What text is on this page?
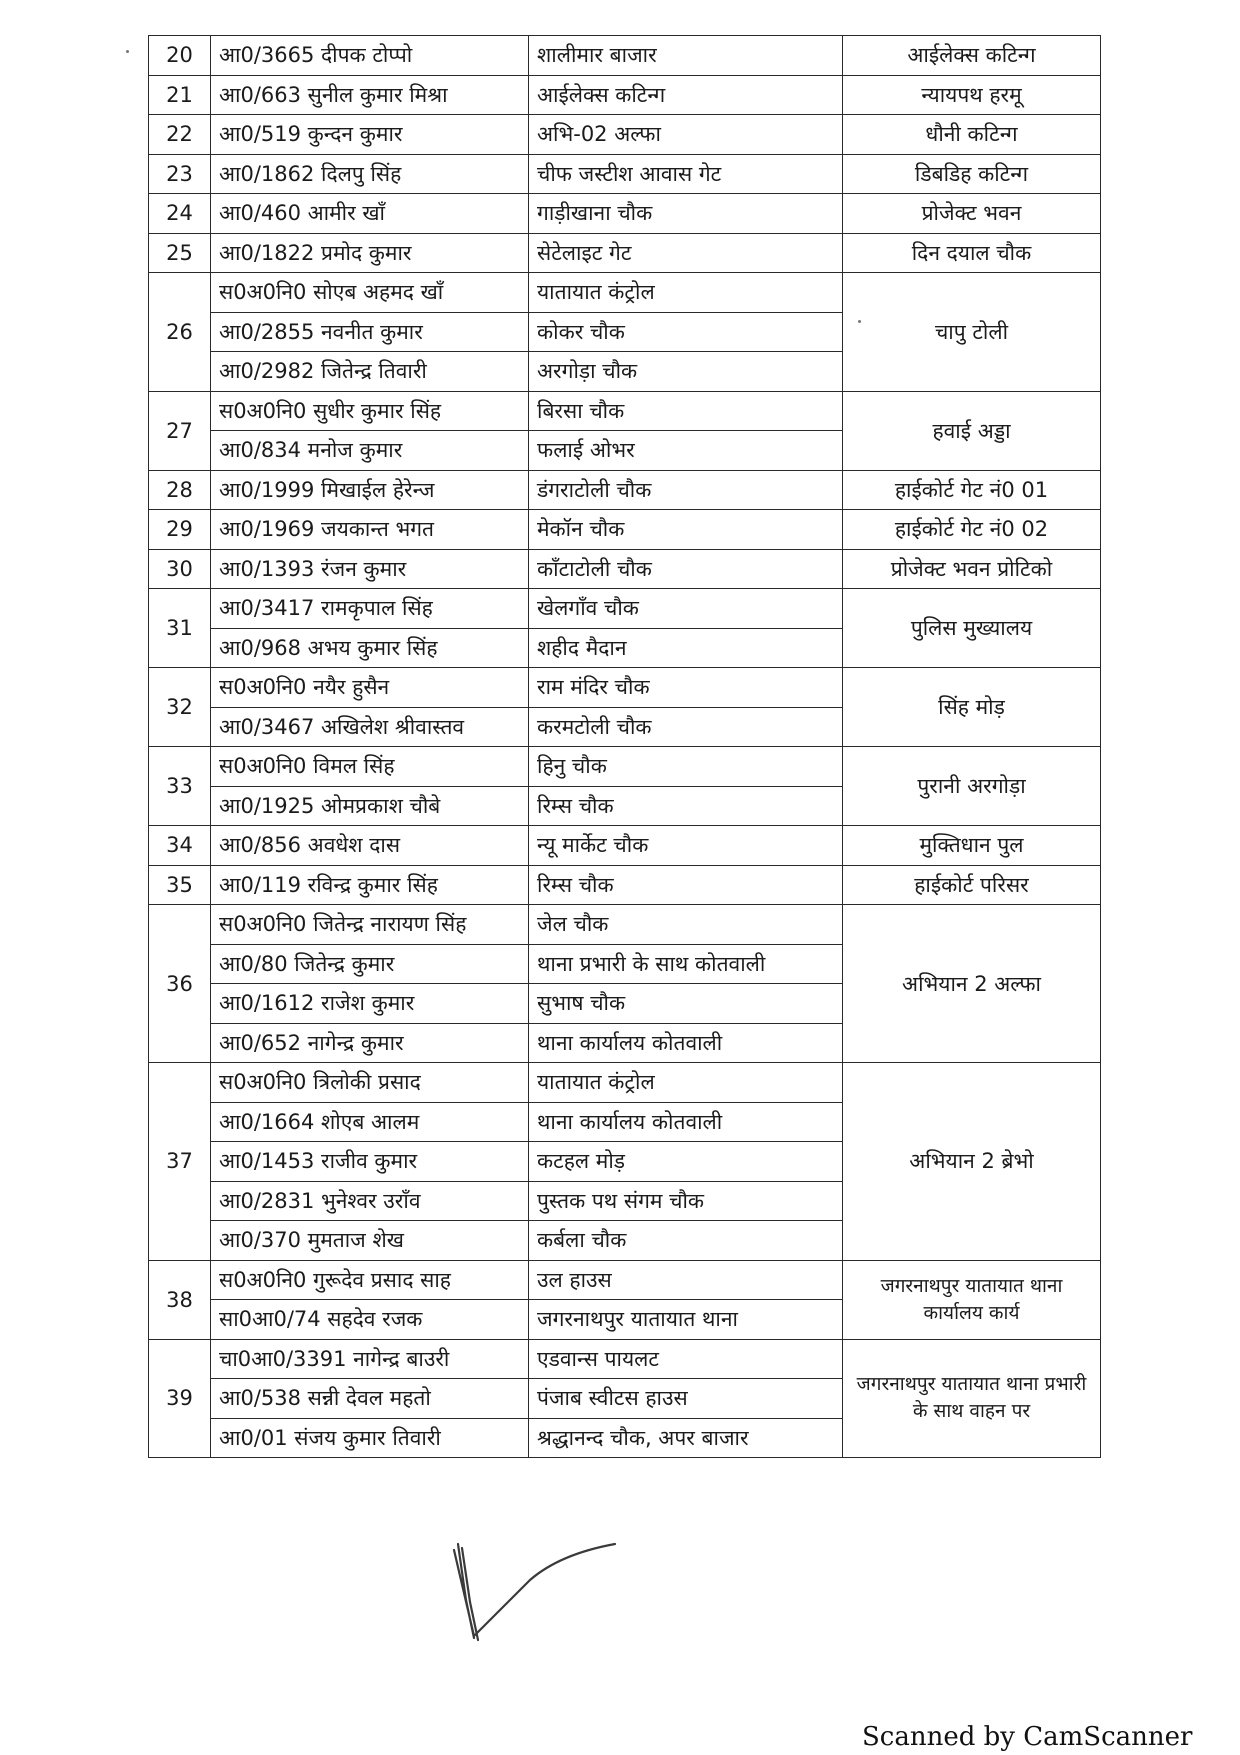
20	आ0/3665 दीपक टोप्पो	शालीमार बाजार	आईलेक्स कटिन्ग
21	आ0/663 सुनील कुमार मिश्रा	आईलेक्स कटिन्ग	न्यायपथ हरमू
22	आ0/519 कुन्दन कुमार	अभि-02 अल्फा	धौनी कटिन्ग
23	आ0/1862 दिलपु सिंह	चीफ जस्टीश आवास गेट	डिबडिह कटिन्ग
24	आ0/460 आमीर खाँ	गाड़ीखाना चौक	प्रोजेक्ट भवन
25	आ0/1822 प्रमोद कुमार	सेटेलाइट गेट	दिन दयाल चौक
26	स0अ0नि0 सोएब अहमद खाँ	यातायात कंट्रोल	चापु टोली
	आ0/2855 नवनीत कुमार	कोकर चौक	
	आ0/2982 जितेन्द्र तिवारी	अरगोड़ा चौक	
27	स0अ0नि0 सुधीर कुमार सिंह	बिरसा चौक	हवाई अड्डा
	आ0/834 मनोज कुमार	फलाई ओभर	
28	आ0/1999 मिखाईल हेरेन्ज	डंगराटोली चौक	हाईकोर्ट गेट नं0 01
29	आ0/1969 जयकान्त भगत	मेकॉन चौक	हाईकोर्ट गेट नं0 02
30	आ0/1393 रंजन कुमार	काँटाटोली चौक	प्रोजेक्ट भवन प्रोटिको
31	आ0/3417 रामकृपाल सिंह	खेलगाँव चौक	पुलिस मुख्यालय
	आ0/968 अभय कुमार सिंह	शहीद मैदान	
32	स0अ0नि0 नयैर हुसैन	राम मंदिर चौक	सिंह मोड़
	आ0/3467 अखिलेश श्रीवास्तव	करमटोली चौक	
33	स0अ0नि0 विमल सिंह	हिनु चौक	पुरानी अरगोड़ा
	आ0/1925 ओमप्रकाश चौबे	रिम्स चौक	
34	आ0/856 अवधेश दास	न्यू मार्केट चौक	मुक्तिधान पुल
35	आ0/119 रविन्द्र कुमार सिंह	रिम्स चौक	हाईकोर्ट परिसर
36	स0अ0नि0 जितेन्द्र नारायण सिंह	जेल चौक	अभियान 2 अल्फा
	आ0/80 जितेन्द्र कुमार	थाना प्रभारी के साथ कोतवाली	
	आ0/1612 राजेश कुमार	सुभाष चौक	
	आ0/652 नागेन्द्र कुमार	थाना कार्यालय कोतवाली	
37	स0अ0नि0 त्रिलोकी प्रसाद	यातायात कंट्रोल	अभियान 2 ब्रेभो
	आ0/1664 शोएब आलम	थाना कार्यालय कोतवाली	
	आ0/1453 राजीव कुमार	कटहल मोड़	
	आ0/2831 भुनेश्वर उराँव	पुस्तक पथ संगम चौक	
	आ0/370 मुमताज शेख	कर्बला चौक	
38	स0अ0नि0 गुरूदेव प्रसाद साह	उल हाउस	जगरनाथपुर यातायात थाना कार्यालय कार्य
	सा0आ0/74 सहदेव रजक	जगरनाथपुर यातायात थाना	
39	चा0आ0/3391 नागेन्द्र बाउरी	एडवान्स पायलट	जगरनाथपुर यातायात थाना प्रभारी के साथ वाहन पर
	आ0/538 सन्नी देवल महतो	पंजाब स्वीटस हाउस	
	आ0/01 संजय कुमार तिवारी	श्रद्धानन्द चौक, अपर बाजार	
Scanned by CamScanner
